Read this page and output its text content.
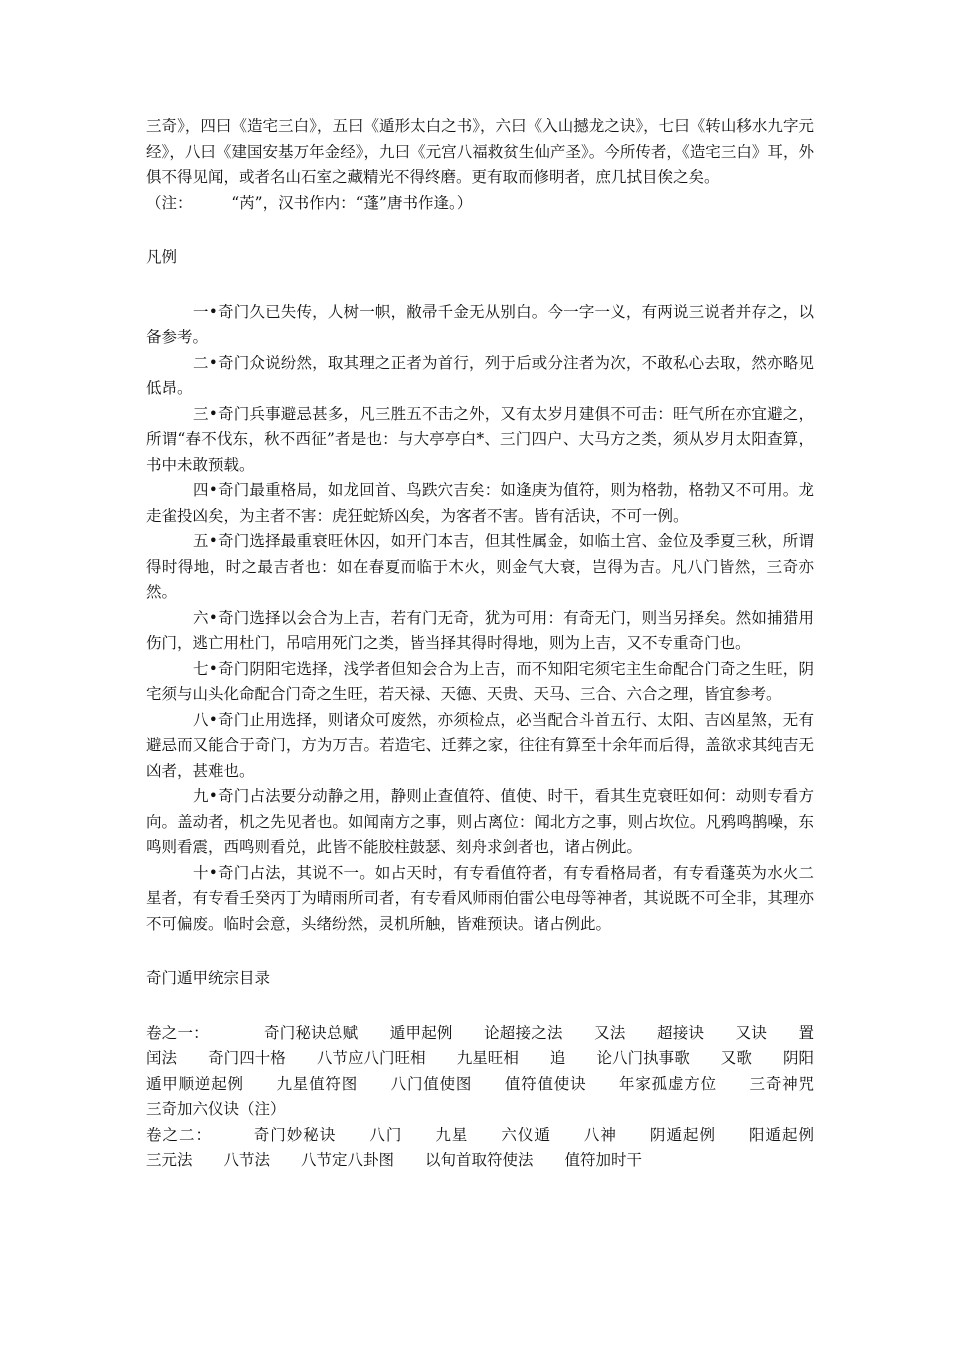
三奇》，四曰《造宅三白》，五曰《遁形太白之书》，六曰《入山撼龙之诀》，七曰《转山移水九字元经》，八曰《建国安基万年金经》，九曰《元宫八福救贫生仙产圣》。今所传者，《造宅三白》耳，外俱不得见闻，或者名山石室之藏精光不得终磨。更有取而修明者，庶几拭目俟之矣。

（注：　　　“芮”，汉书作内：“蓬”唐书作逢。）

凡例

一•奇门久已失传，人树一帜，敝帚千金无从别白。今一字一义，有两说三说者并存之，以备参考。

二•奇门众说纷然，取其理之正者为首行，列于后或分注者为次，不敢私心去取，然亦略见低昂。

三•奇门兵事避忌甚多，凡三胜五不击之外，又有太岁月建俱不可击：旺气所在亦宜避之，所谓“春不伐东，秋不西征”者是也：与大亭亭白*、三门四户、大马方之类，须从岁月太阳查算，书中未敢预载。

四•奇门最重格局，如龙回首、鸟跌穴吉矣：如逢庚为值符，则为格勃，格勃又不可用。龙走雀投凶矣，为主者不害：虎狂蛇矫凶矣，为客者不害。皆有活诀，不可一例。

五•奇门选择最重衰旺休囚，如开门本吉，但其性属金，如临土宫、金位及季夏三秋，所谓得时得地，时之最吉者也：如在春夏而临于木火，则金气大衰，岂得为吉。凡八门皆然，三奇亦然。

六•奇门选择以会合为上吉，若有门无奇，犹为可用：有奇无门，则当另择矣。然如捕猎用伤门，逃亡用杜门，吊唁用死门之类，皆当择其得时得地，则为上吉，又不专重奇门也。

七•奇门阴阳宅选择，浅学者但知会合为上吉，而不知阳宅须宅主生命配合门奇之生旺，阴宅须与山头化命配合门奇之生旺，若天禄、天德、天贵、天马、三合、六合之理，皆宜参考。

八•奇门止用选择，则诸众可废然，亦须检点，必当配合斗首五行、太阳、吉凶星煞，无有避忌而又能合于奇门，方为万吉。若造宅、迁葬之家，往往有算至十余年而后得，盖欲求其纯吉无凶者，甚难也。

九•奇门占法要分动静之用，静则止查值符、值使、时干，看其生克衰旺如何：动则专看方向。盖动者，机之先见者也。如闻南方之事，则占离位：闻北方之事，则占坎位。凡鸦鸣鹊噪，东鸣则看震，西鸣则看兑，此皆不能胶柱鼓瑟、刻舟求剑者也，诸占例此。

十•奇门占法，其说不一。如占天时，有专看值符者，有专看格局者，有专看蓬英为水火二星者，有专看壬癸丙丁为晴雨所司者，有专看风师雨伯雷公电母等神者，其说既不可全非，其理亦不可偏废。临时会意，头绪纷然，灵机所触，皆难预诀。诸占例此。

奇门遁甲统宗目录

卷之一：　　　　奇门秘诀总赋　　遁甲起例　　论超接之法　　又法　　超接诀　　又诀　　置闰法　　奇门四十格　　八节应八门旺相　　九星旺相　　追　　论八门执事歌　　又歌　　阴阳遁甲顺逆起例　　九星值符图　　八门值使图　　值符值使诀　　年家孤虚方位　　三奇神咒　　三奇加六仪诀（注）

卷之二：　　　奇门妙秘诀　　八门　　九星　　六仪遁　　八神　　阴遁起例　　阳遁起例　　三元法　　八节法　　八节定八卦图　　以旬首取符使法　　值符加时干
